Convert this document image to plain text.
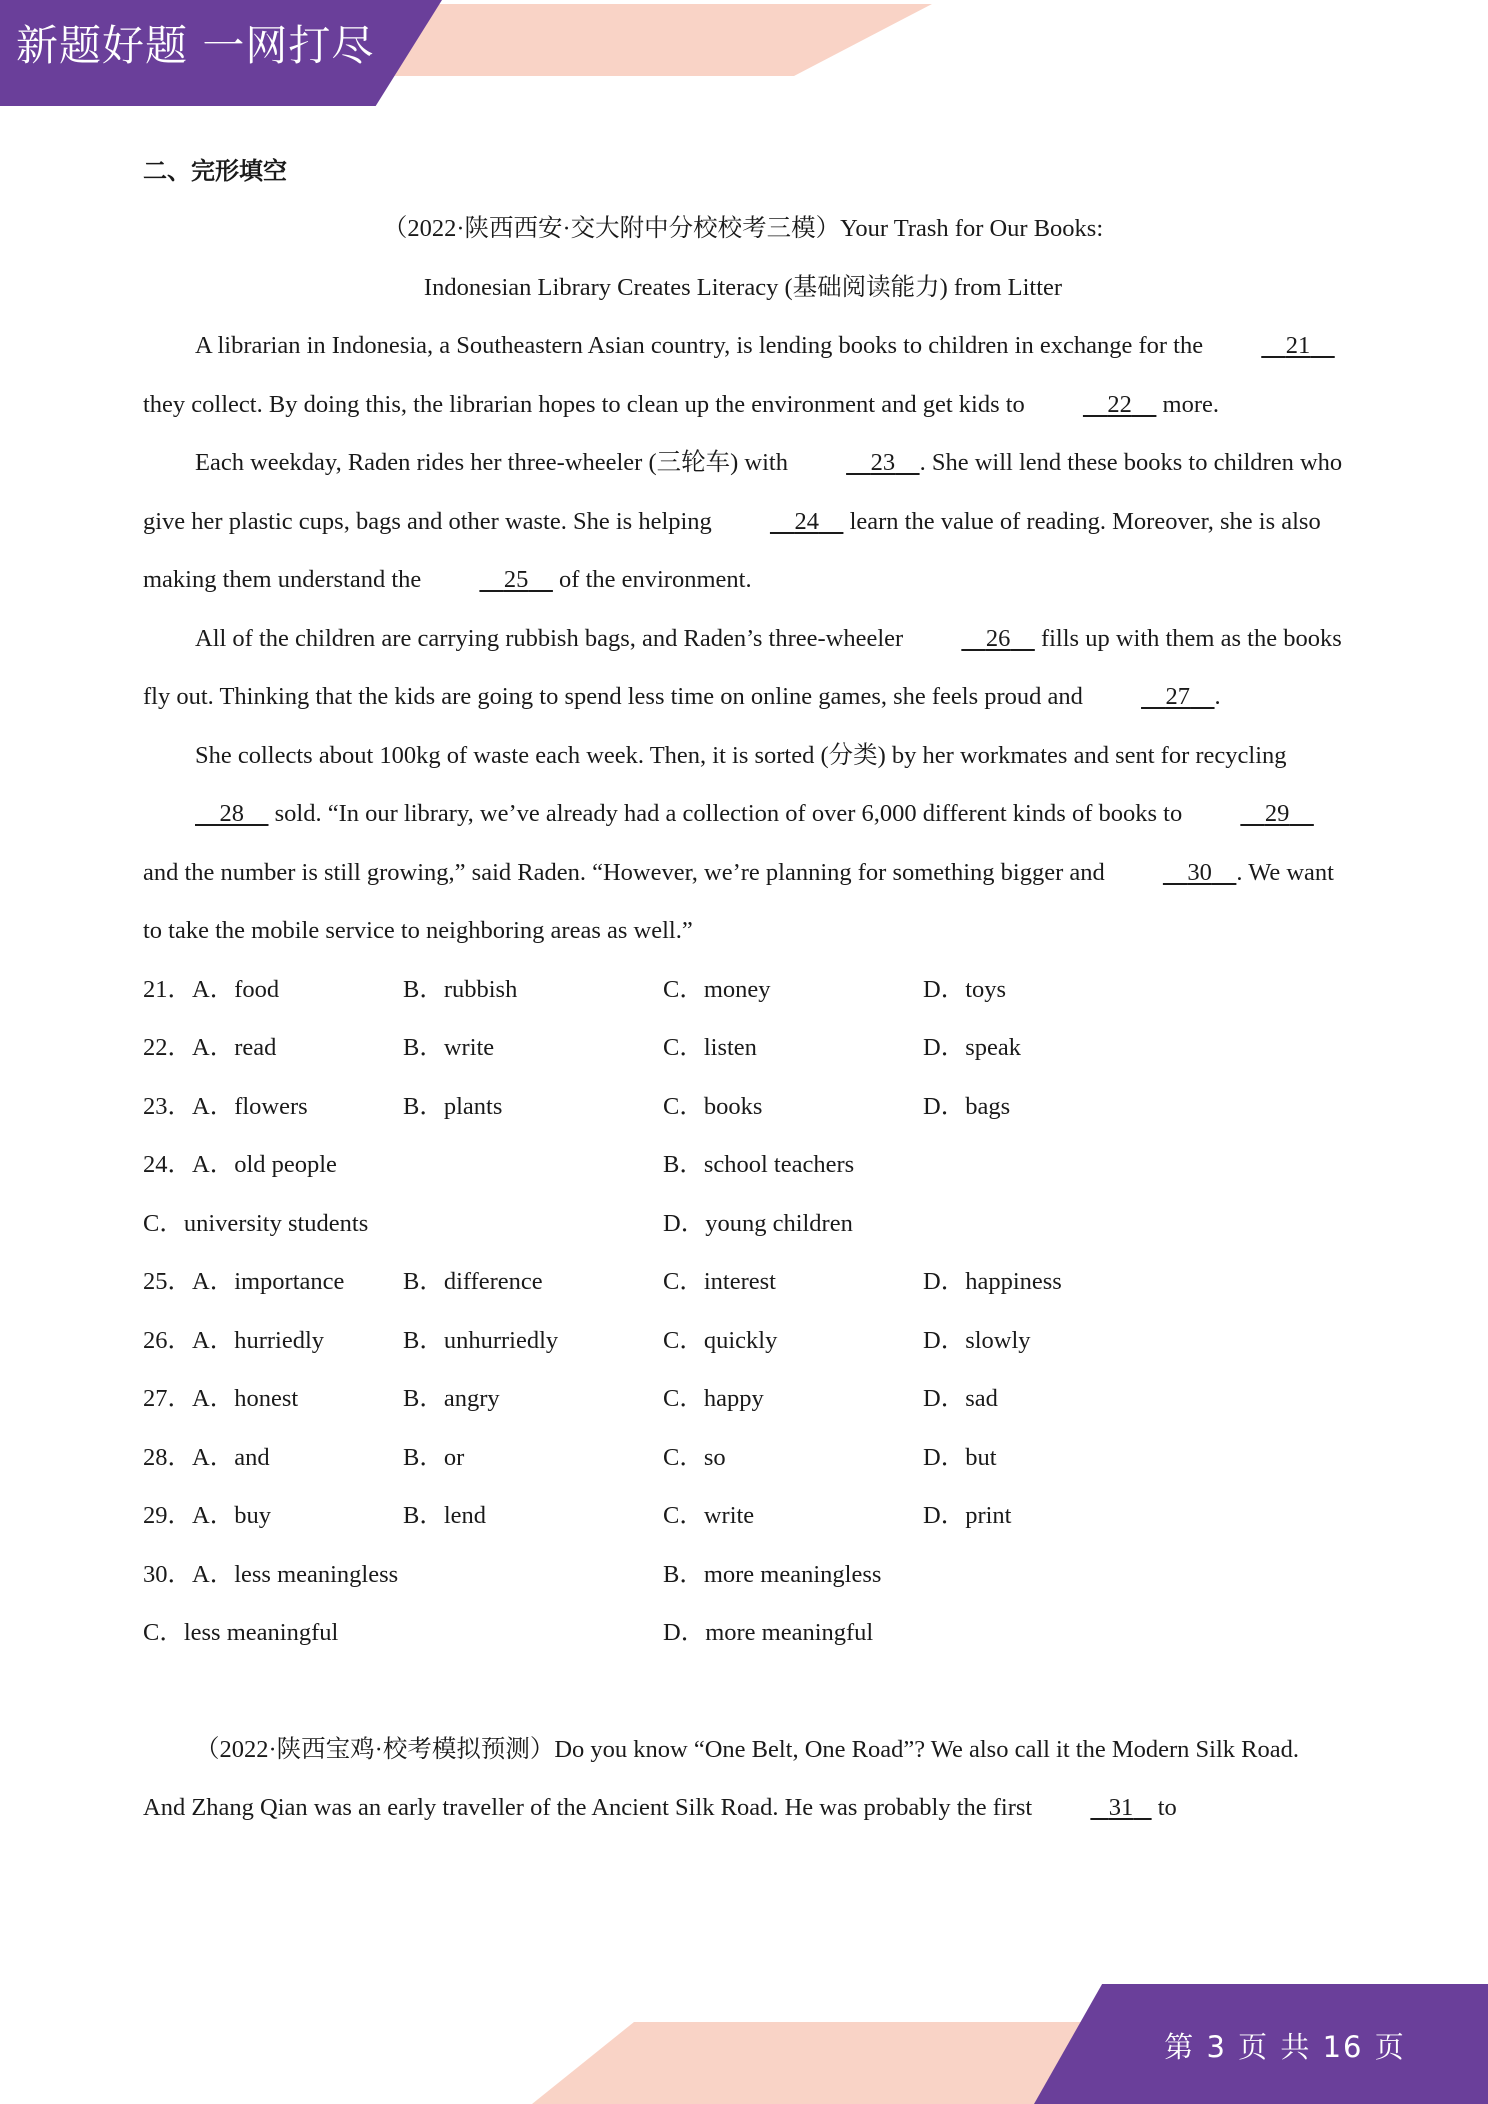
新题好题 一网打尽
二、完形填空
（2022·陕西西安·交大附中分校校考三模）Your Trash for Our Books:
Indonesian Library Creates Literacy (基础阅读能力) from Litter

A librarian in Indonesia, a Southeastern Asian country, is lending books to children in exchange for the	21     they collect. By doing this, the librarian hopes to clean up the environment and get kids to	22     more.

Each weekday, Raden rides her three-wheeler (三轮车) with	23 . She will lend these books to children who give her plastic cups, bags and other waste. She is helping	24     learn the value of reading. Moreover, she is also making them understand the	25     of the environment.

All of the children are carrying rubbish bags, and Raden’s three-wheeler	26     fills up with them as the books fly out. Thinking that the kids are going to spend less time on online games, she feels proud and	27 .

She collects about 100kg of waste each week. Then, it is sorted (分类) by her workmates and sent for recycling     28     sold. “In our library, we’ve already had a collection of over 6,000 different kinds of books to	29     and the number is still growing,” said Raden. “However, we’re planning for something bigger and	30 . We want to take the mobile service to neighboring areas as well.”

21．A．food	B．rubbish	C．money	D．toys
22．A．read	B．write	C．listen	D．speak
23．A．flowers	B．plants	C．books	D．bags
24．A．old people	B．school teachers
C．university students	D．young children
25．A．importance B．difference	C．interest	D．happiness
26．A．hurriedly	B．unhurriedly	C．quickly	D．slowly
27．A．honest	B．angry	C．happy	D．sad
28．A．and	B．or	C．so	D．but
29．A．buy	B．lend	C．write	D．print
30．A．less meaningless	B．more meaningless
C．less meaningful	D．more meaningful

（2022·陕西宝鸡·校考模拟预测）Do you know “One Belt, One Road”? We also call it the Modern Silk Road. And Zhang Qian was an early traveller of the Ancient Silk Road. He was probably the first	31    to

第 3 页 共 16 页
